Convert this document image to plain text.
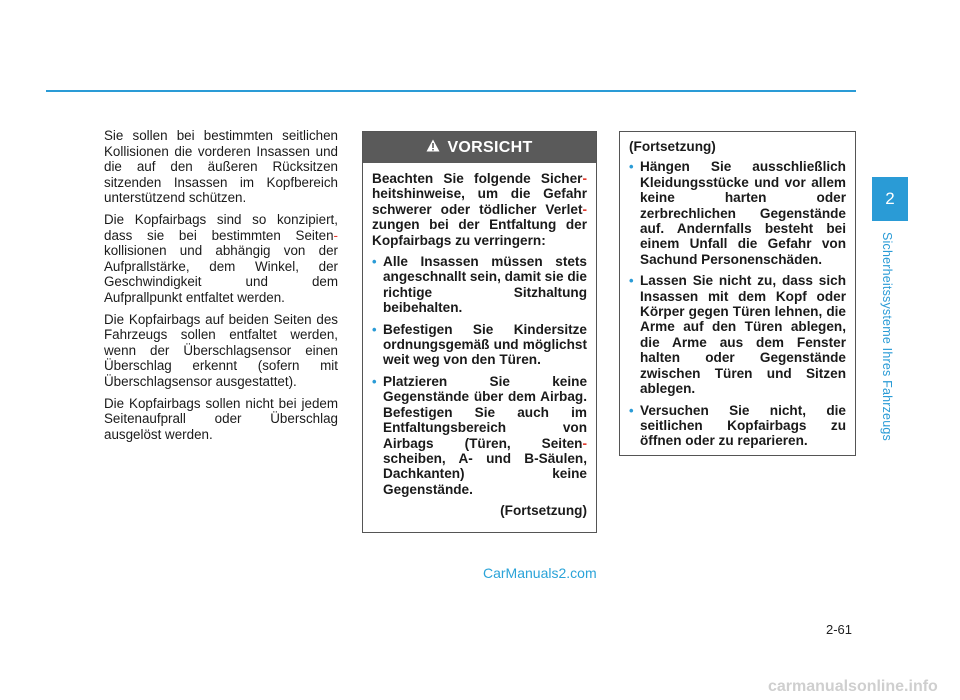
Sie sollen bei bestimmten seitlichen Kollisionen die vorderen Insassen und die auf den äußeren Rücksitzen sitzenden Insassen im Kopfbereich unterstützend schützen.

Die Kopfairbags sind so konzipiert, dass sie bei bestimmten Seiten- kollisionen und abhängig von der Aufprallstärke, dem Winkel, der Geschwindigkeit und dem Aufprallpunkt entfaltet werden.

Die Kopfairbags auf beiden Seiten des Fahrzeugs sollen entfaltet werden, wenn der Überschlagsensor einen Überschlag erkennt (sofern mit Überschlagsensor ausgestattet).

Die Kopfairbags sollen nicht bei jedem Seitenaufprall oder Überschlag ausgelöst werden.

VORSICHT

Beachten Sie folgende Sicher- heitshinweise, um die Gefahr schwerer oder tödlicher Verlet- zungen bei der Entfaltung der Kopfairbags zu verringern:

• Alle Insassen müssen stets angeschnallt sein, damit sie die richtige Sitzhaltung beibehalten.
• Befestigen Sie Kindersitze ordnungsgemäß und möglichst weit weg von den Türen.
• Platzieren Sie keine Gegenstände über dem Airbag. Befestigen Sie auch im Entfaltungsbereich von Airbags (Türen, Seiten- scheiben, A- und B-Säulen, Dachkanten) keine Gegenstände.
(Fortsetzung)
(Fortsetzung)
• Hängen Sie ausschließlich Kleidungsstücke und vor allem keine harten oder zerbrechlichen Gegenstände auf. Andernfalls besteht bei einem Unfall die Gefahr von Sachund Personenschäden.
• Lassen Sie nicht zu, dass sich Insassen mit dem Kopf oder Körper gegen Türen lehnen, die Arme auf den Türen ablegen, die Arme aus dem Fenster halten oder Gegenstände zwischen Türen und Sitzen ablegen.
• Versuchen Sie nicht, die seitlichen Kopfairbags zu öffnen oder zu reparieren.
2
Sicherheitssysteme Ihres Fahrzeugs
2-61
CarManuals2.com
carmanualsonline.info
